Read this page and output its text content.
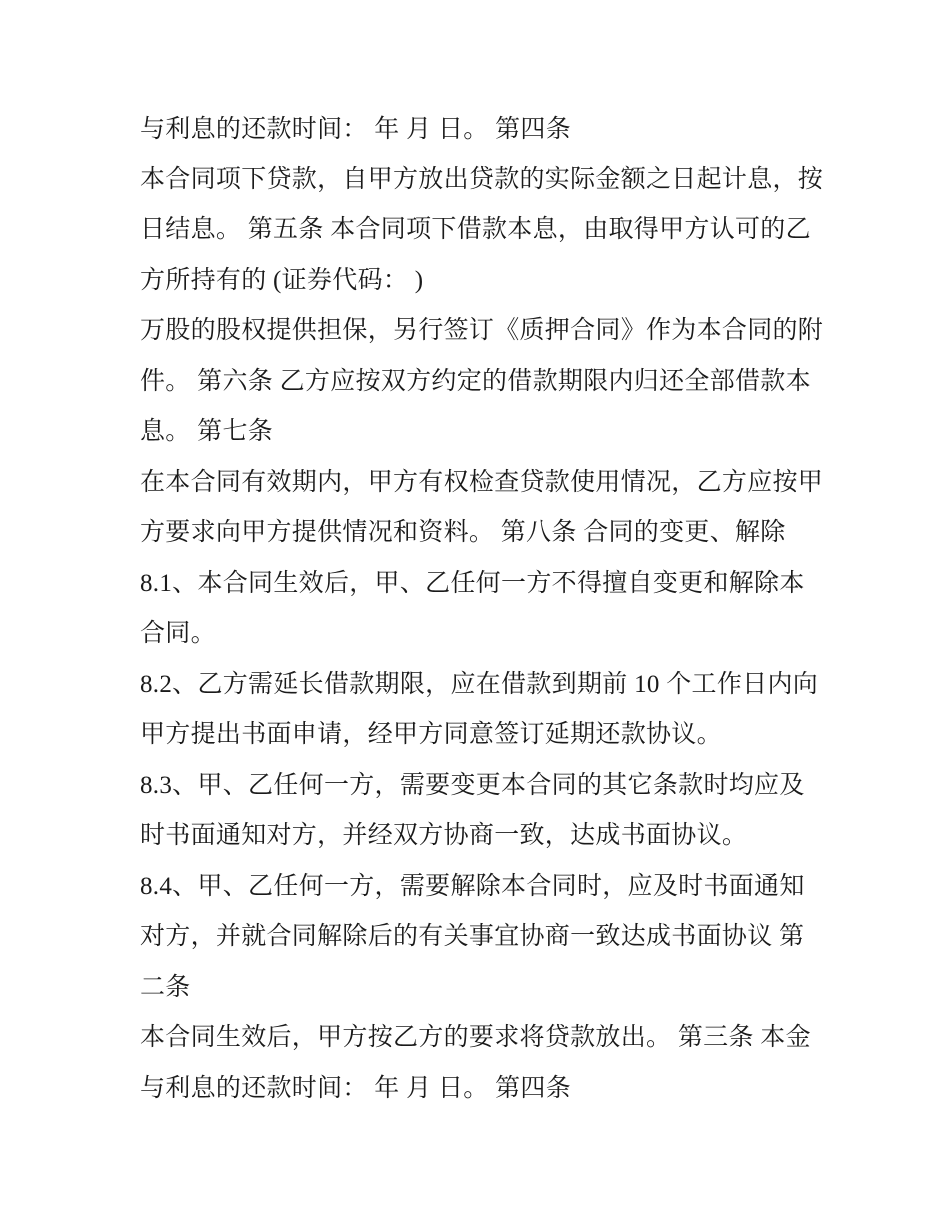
与利息的还款时间： 年 月 日。 第四条
本合同项下贷款，自甲方放出贷款的实际金额之日起计息，按
日结息。 第五条 本合同项下借款本息，由取得甲方认可的乙
方所持有的 (证券代码： )
万股的股权提供担保，另行签订《质押合同》作为本合同的附
件。 第六条 乙方应按双方约定的借款期限内归还全部借款本
息。 第七条
在本合同有效期内，甲方有权检查贷款使用情况，乙方应按甲
方要求向甲方提供情况和资料。 第八条 合同的变更、解除
8.1、本合同生效后，甲、乙任何一方不得擅自变更和解除本
合同。
8.2、乙方需延长借款期限，应在借款到期前 10 个工作日内向
甲方提出书面申请，经甲方同意签订延期还款协议。
8.3、甲、乙任何一方，需要变更本合同的其它条款时均应及
时书面通知对方，并经双方协商一致，达成书面协议。
8.4、甲、乙任何一方，需要解除本合同时，应及时书面通知
对方，并就合同解除后的有关事宜协商一致达成书面协议 第
二条
本合同生效后，甲方按乙方的要求将贷款放出。 第三条 本金
与利息的还款时间： 年 月 日。 第四条
